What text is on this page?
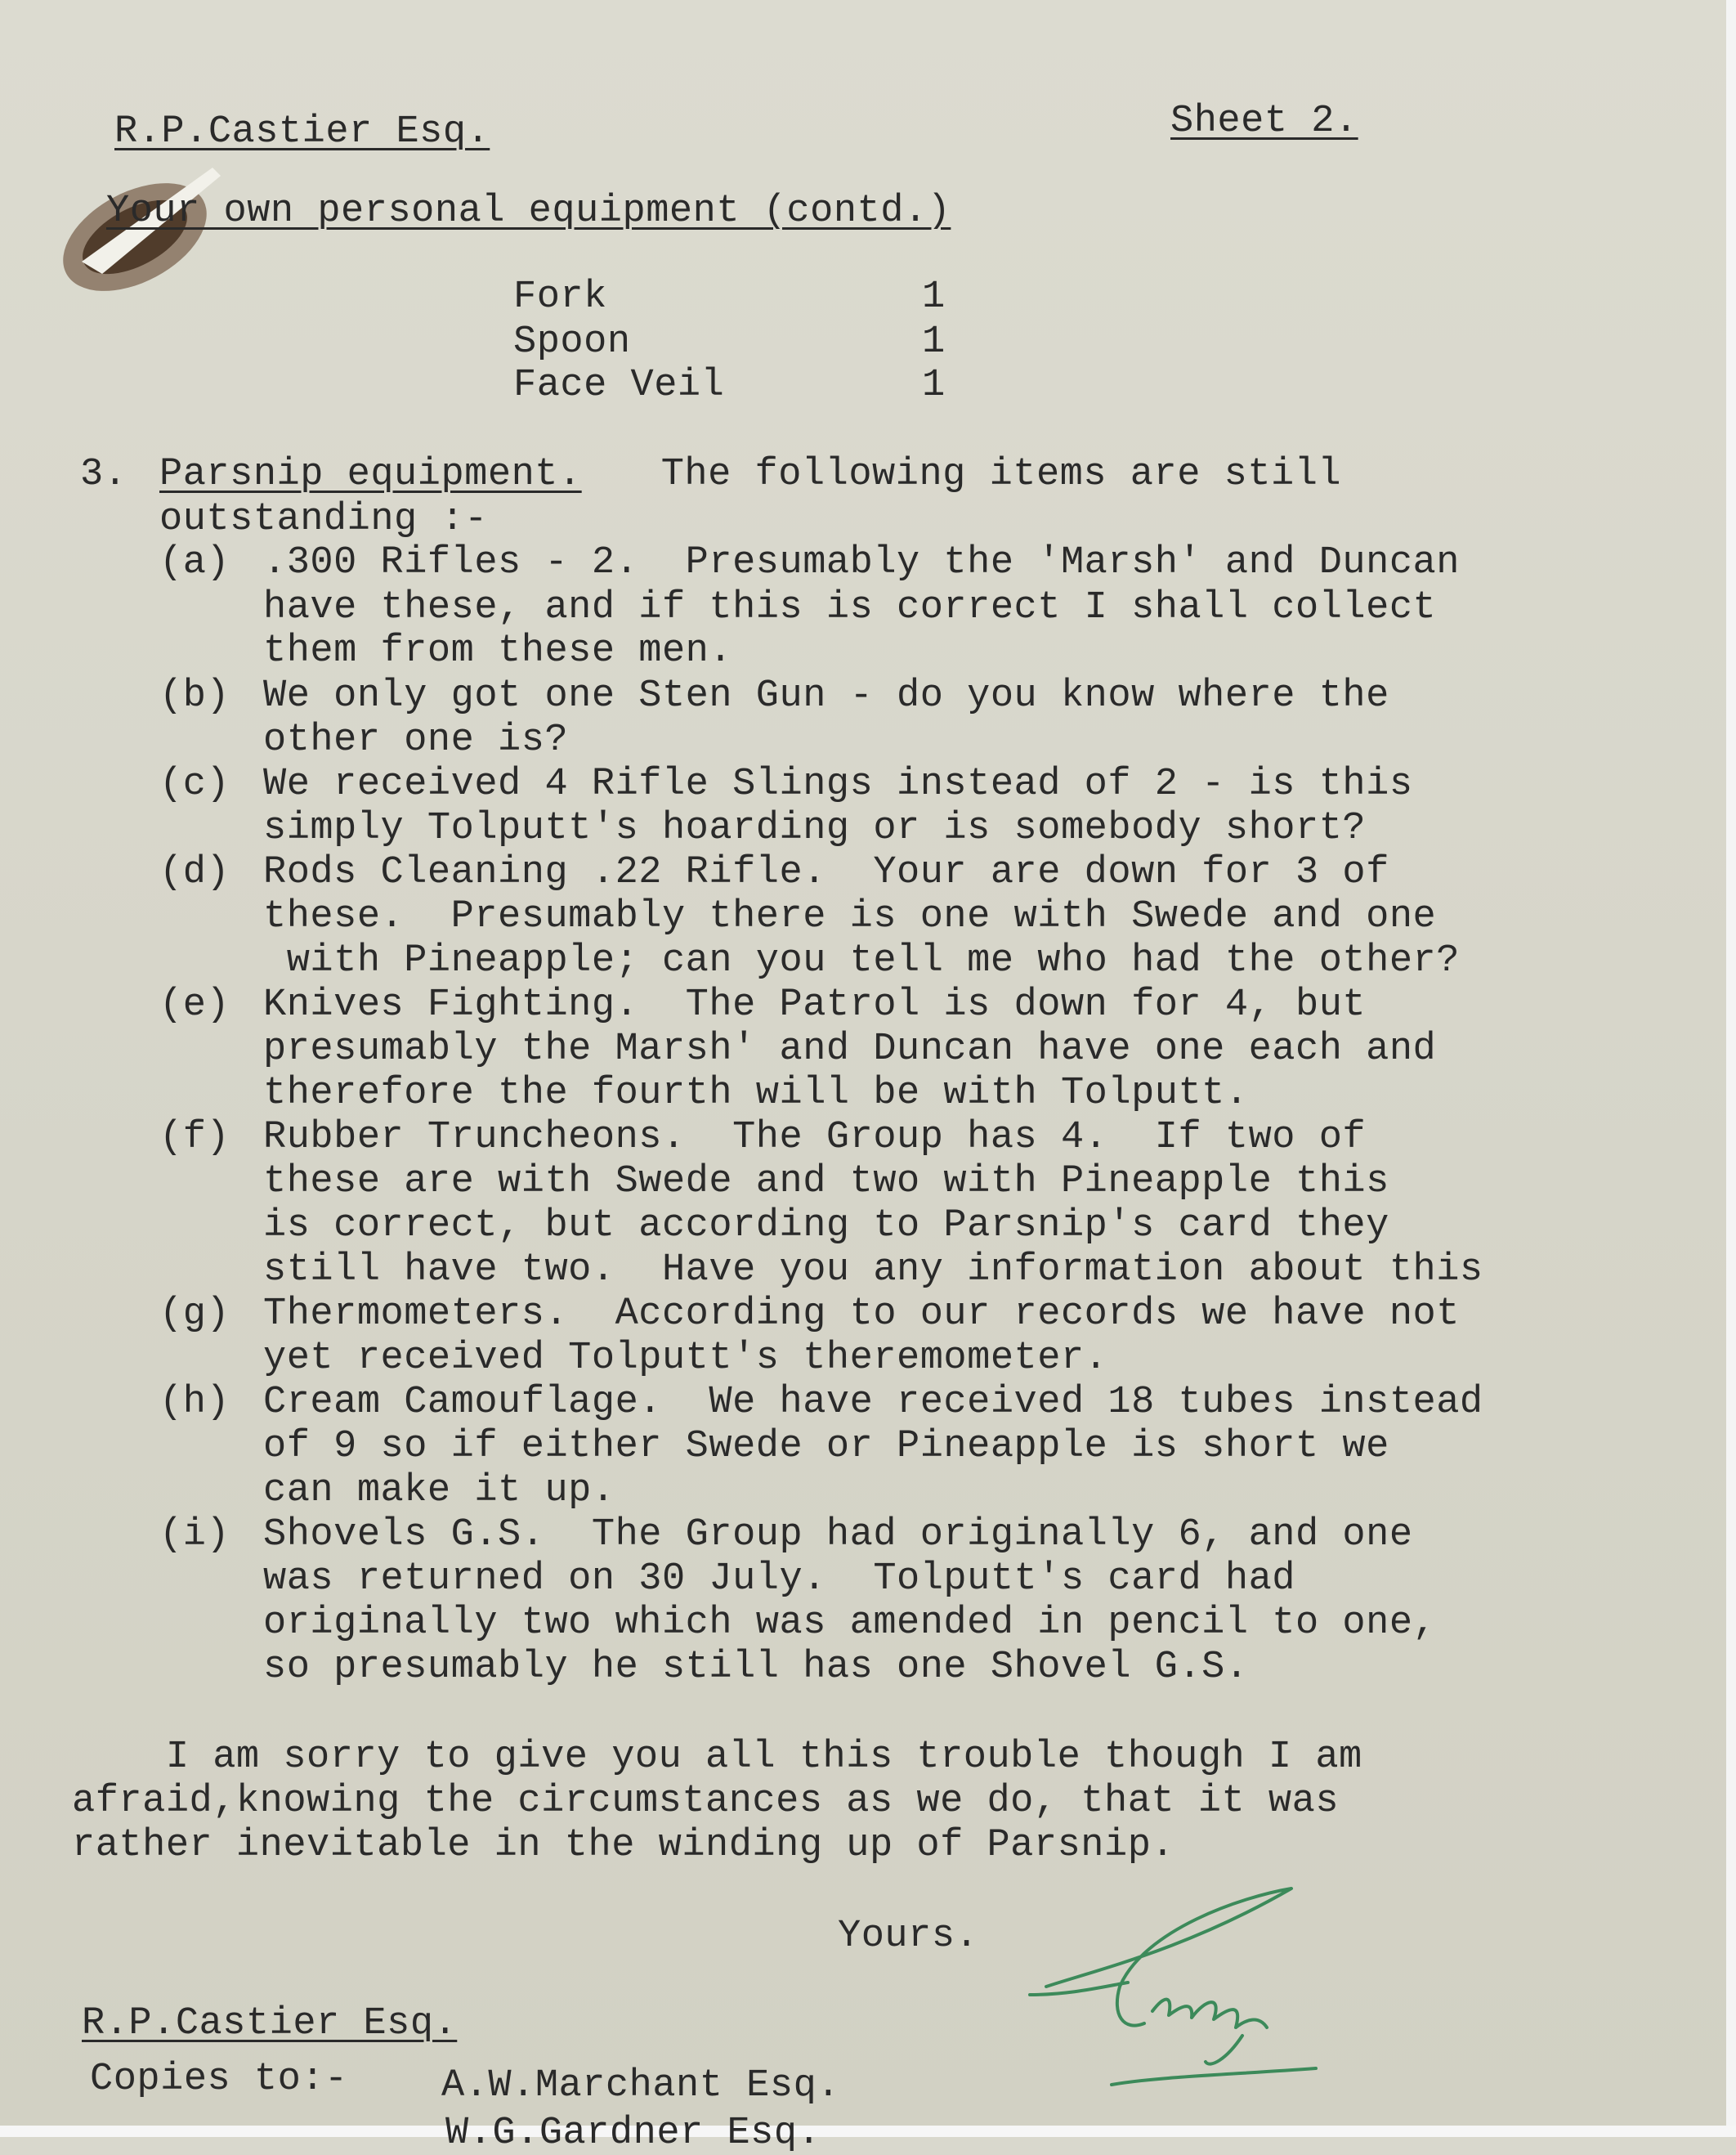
R.P.Castier Esq.	Sheet 2.
Your own personal equipment (contd.)
Fork	1
Spoon	1
Face Veil	1
3. Parsnip equipment. The following items are still
outstanding :-
(a) .300 Rifles - 2.  Presumably the 'Marsh' and Duncan
have these, and if this is correct I shall collect
them from these men.
(b) We only got one Sten Gun - do you know where the
other one is?
(c) We received 4 Rifle Slings instead of 2 - is this
simply Tolputt's hoarding or is somebody short?
(d) Rods Cleaning .22 Rifle.  Your are down for 3 of
these.  Presumably there is one with Swede and one
with Pineapple; can you tell me who had the other?
(e) Knives Fighting.  The Patrol is down for 4, but
presumably the Marsh' and Duncan have one each and
therefore the fourth will be with Tolputt.
(f) Rubber Truncheons.  The Group has 4.  If two of
these are with Swede and two with Pineapple this
is correct, but according to Parsnip's card they
still have two.  Have you any information about this
(g) Thermometers.  According to our records we have not
yet received Tolputt's theremometer.
(h) Cream Camouflage.  We have received 18 tubes instead
of 9 so if either Swede or Pineapple is short we
can make it up.
(i) Shovels G.S.  The Group had originally 6, and one
was returned on 30 July.  Tolputt's card had
originally two which was amended in pencil to one,
so presumably he still has one Shovel G.S.
I am sorry to give you all this trouble though I am
afraid,knowing the circumstances as we do, that it was
rather inevitable in the winding up of Parsnip.
Yours.
R.P.Castier Esq.
Copies to:- A.W.Marchant Esq.
W.G.Gardner Esq.
